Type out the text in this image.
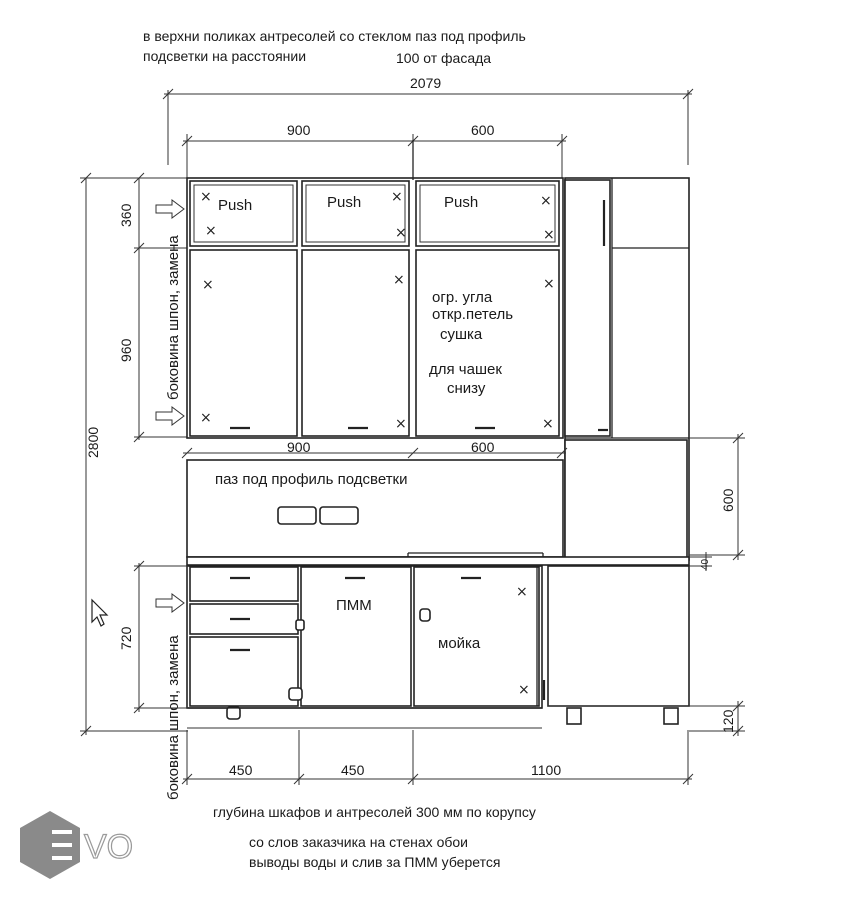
в верхни поликах антресолей со стеклом паз под профиль
подсветки на расстоянии	100 от фасада
2079
900	600
2800
360
960 боковина шпон, замена
Push	Push	Push
×
×
×
×
×
×
×
×
×
×
×
×
огр. угла
откр.петель
сушка
для чашек
снизу
900	600
паз под профиль подсветки
600
×
×
ПММ
мойка
боковина шпон, замена
720
40
120
450	450	1100
глубина шкафов и антресолей 300 мм по корупсу
со слов заказчика на стенах обои
выводы воды и слив за ПММ уберется
VO
